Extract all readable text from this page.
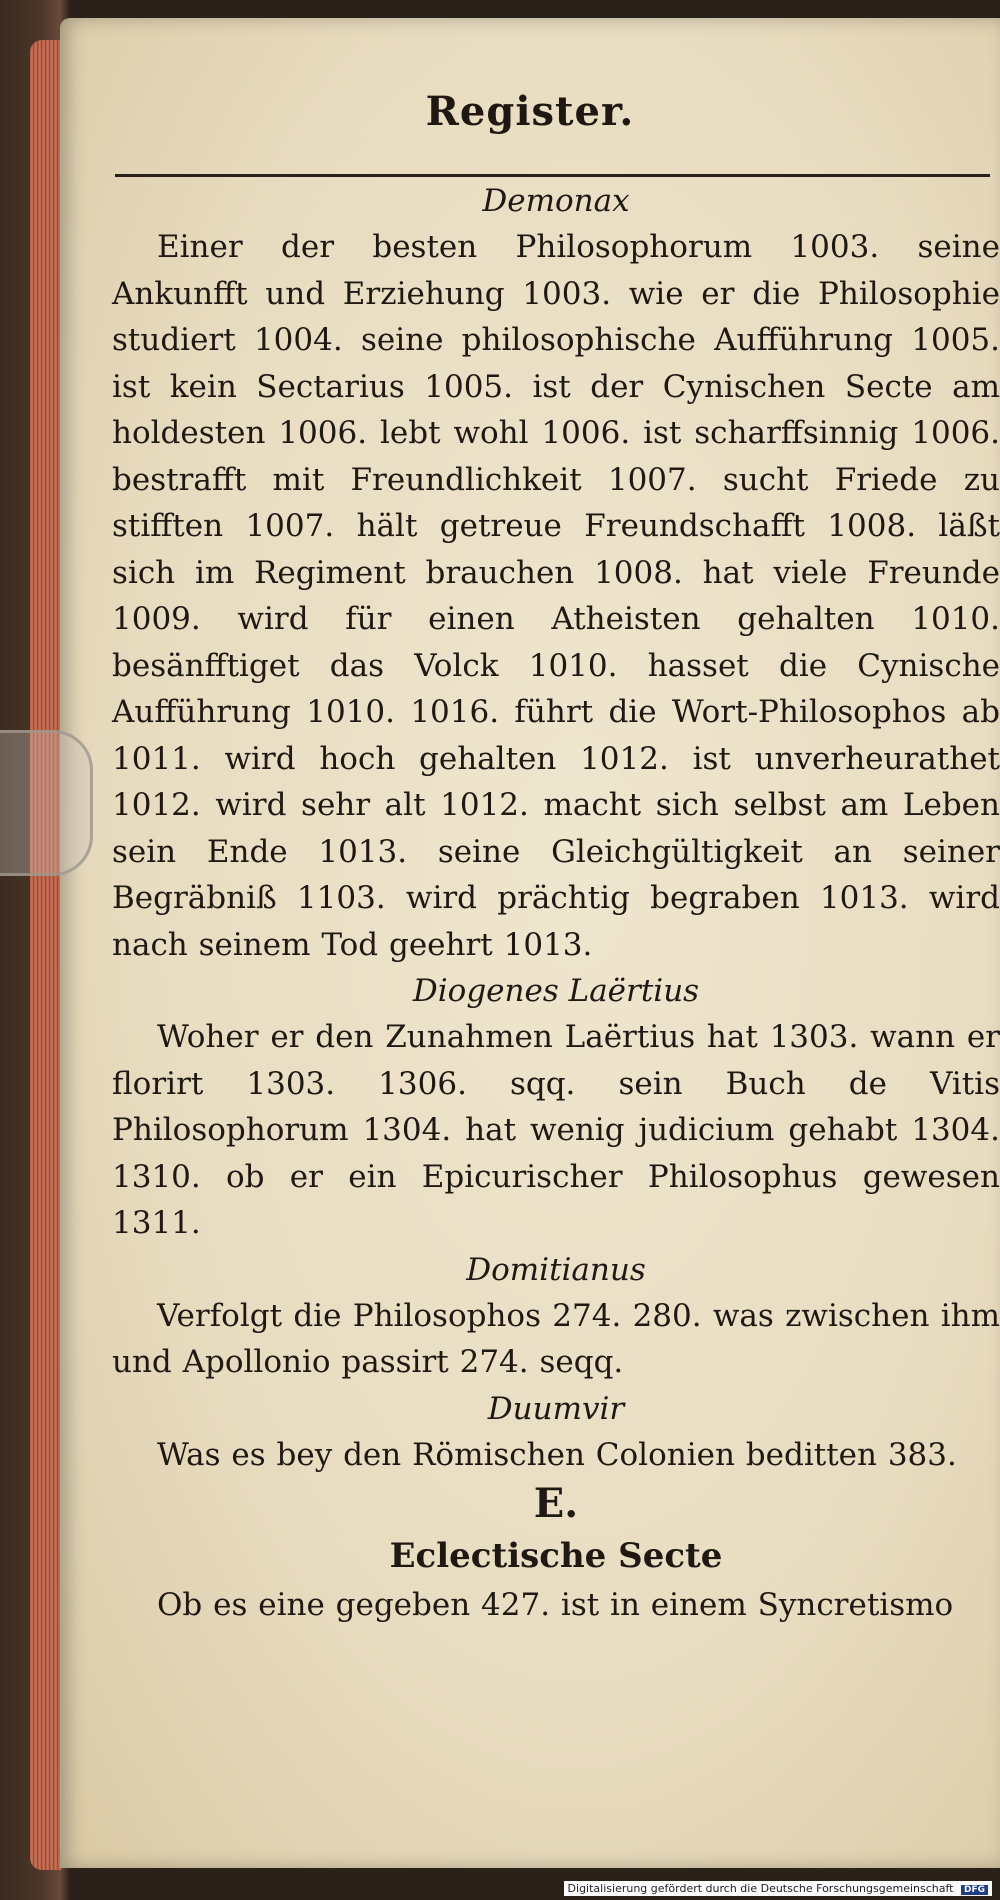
Register.

Demonax

Einer der besten Philosophorum 1003. seine Ankunfft und Erziehung 1003. wie er die Philosophie studiert 1004. seine philosophische Aufführung 1005. ist kein Sectarius 1005. ist der Cynischen Secte am holdesten 1006. lebt wohl 1006. ist scharffsinnig 1006. bestrafft mit Freundlichkeit 1007. sucht Friede zu stifften 1007. hält getreue Freundschafft 1008. läßt sich im Regiment brauchen 1008. hat viele Freunde 1009. wird für einen Atheisten gehalten 1010. besänfftiget das Volck 1010. hasset die Cynische Aufführung 1010. 1016. führt die Wort-Philosophos ab 1011. wird hoch gehalten 1012. ist unverheurathet 1012. wird sehr alt 1012. macht sich selbst am Leben sein Ende 1013. seine Gleichgültigkeit an seiner Begräbniß 1103. wird prächtig begraben 1013. wird nach seinem Tod geehrt 1013.

Diogenes Laërtius

Woher er den Zunahmen Laërtius hat 1303. wann er florirt 1303. 1306. sqq. sein Buch de Vitis Philosophorum 1304. hat wenig judicium gehabt 1304. 1310. ob er ein Epicurischer Philosophus gewesen 1311.

Domitianus

Verfolgt die Philosophos 274. 280. was zwischen ihm und Apollonio passirt 274. seqq.

Duumvir

Was es bey den Römischen Colonien beditten 383.

E.

Eclectische Secte

Ob es eine gegeben 427. ist in einem Syncretismo

Digitalisierung gefördert durch die Deutsche Forschungsgemeinschaft DFG
